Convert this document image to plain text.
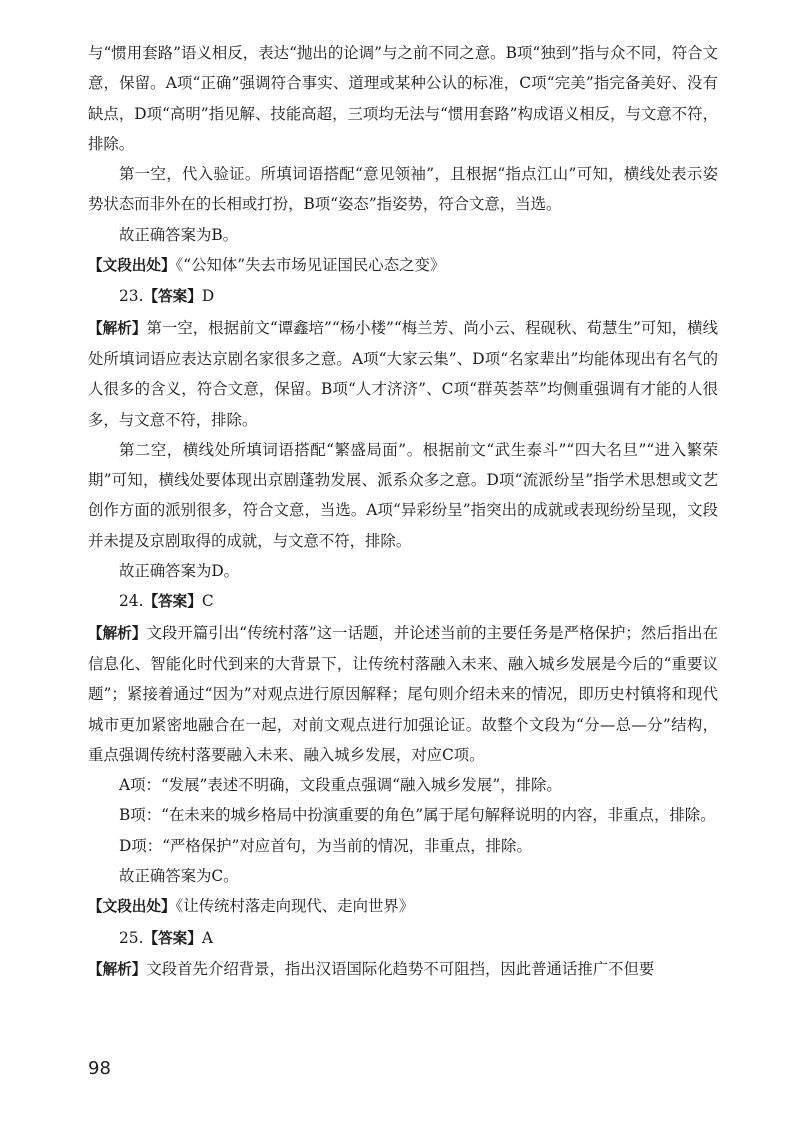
与“惯用套路”语义相反，表达“抛出的论调”与之前不同之意。B项“独到”指与众不同，符合文意，保留。A项“正确”强调符合事实、道理或某种公认的标准，C项“完美”指完备美好、没有缺点，D项“高明”指见解、技能高超，三项均无法与“惯用套路”构成语义相反，与文意不符，排除。

第一空，代入验证。所填词语搭配“意见领袖”，且根据“指点江山”可知，横线处表示姿势状态而非外在的长相或打扮，B项“姿态”指姿势，符合文意，当选。

故正确答案为B。

【文段出处】《“公知体”失去市场见证国民心态之变》

23.【答案】D

【解析】第一空，根据前文“谭鑫培”“杨小楼”“梅兰芳、尚小云、程砚秋、荀慧生”可知，横线处所填词语应表达京剧名家很多之意。A项“大家云集”、D项“名家辈出”均能体现出有名气的人很多的含义，符合文意，保留。B项“人才济济”、C项“群英荟萃”均侧重强调有才能的人很多，与文意不符，排除。

第二空，横线处所填词语搭配“繁盛局面”。根据前文“武生泰斗”“四大名旦”“进入繁荣期”可知，横线处要体现出京剧蓬勃发展、派系众多之意。D项“流派纷呈”指学术思想或文艺创作方面的派别很多，符合文意，当选。A项“异彩纷呈”指突出的成就或表现纷纷呈现，文段并未提及京剧取得的成就，与文意不符，排除。

故正确答案为D。

24.【答案】C

【解析】文段开篇引出“传统村落”这一话题，并论述当前的主要任务是严格保护；然后指出在信息化、智能化时代到来的大背景下，让传统村落融入未来、融入城乡发展是今后的“重要议题”；紧接着通过“因为”对观点进行原因解释；尾句则介绍未来的情况，即历史村镇将和现代城市更加紧密地融合在一起，对前文观点进行加强论证。故整个文段为“分—总—分”结构，重点强调传统村落要融入未来、融入城乡发展，对应C项。

A项：“发展”表述不明确，文段重点强调“融入城乡发展”，排除。

B项：“在未来的城乡格局中扮演重要的角色”属于尾句解释说明的内容，非重点，排除。

D项：“严格保护”对应首句，为当前的情况，非重点，排除。

故正确答案为C。

【文段出处】《让传统村落走向现代、走向世界》

25.【答案】A

【解析】文段首先介绍背景，指出汉语国际化趋势不可阻挡，因此普通话推广不但要

98
